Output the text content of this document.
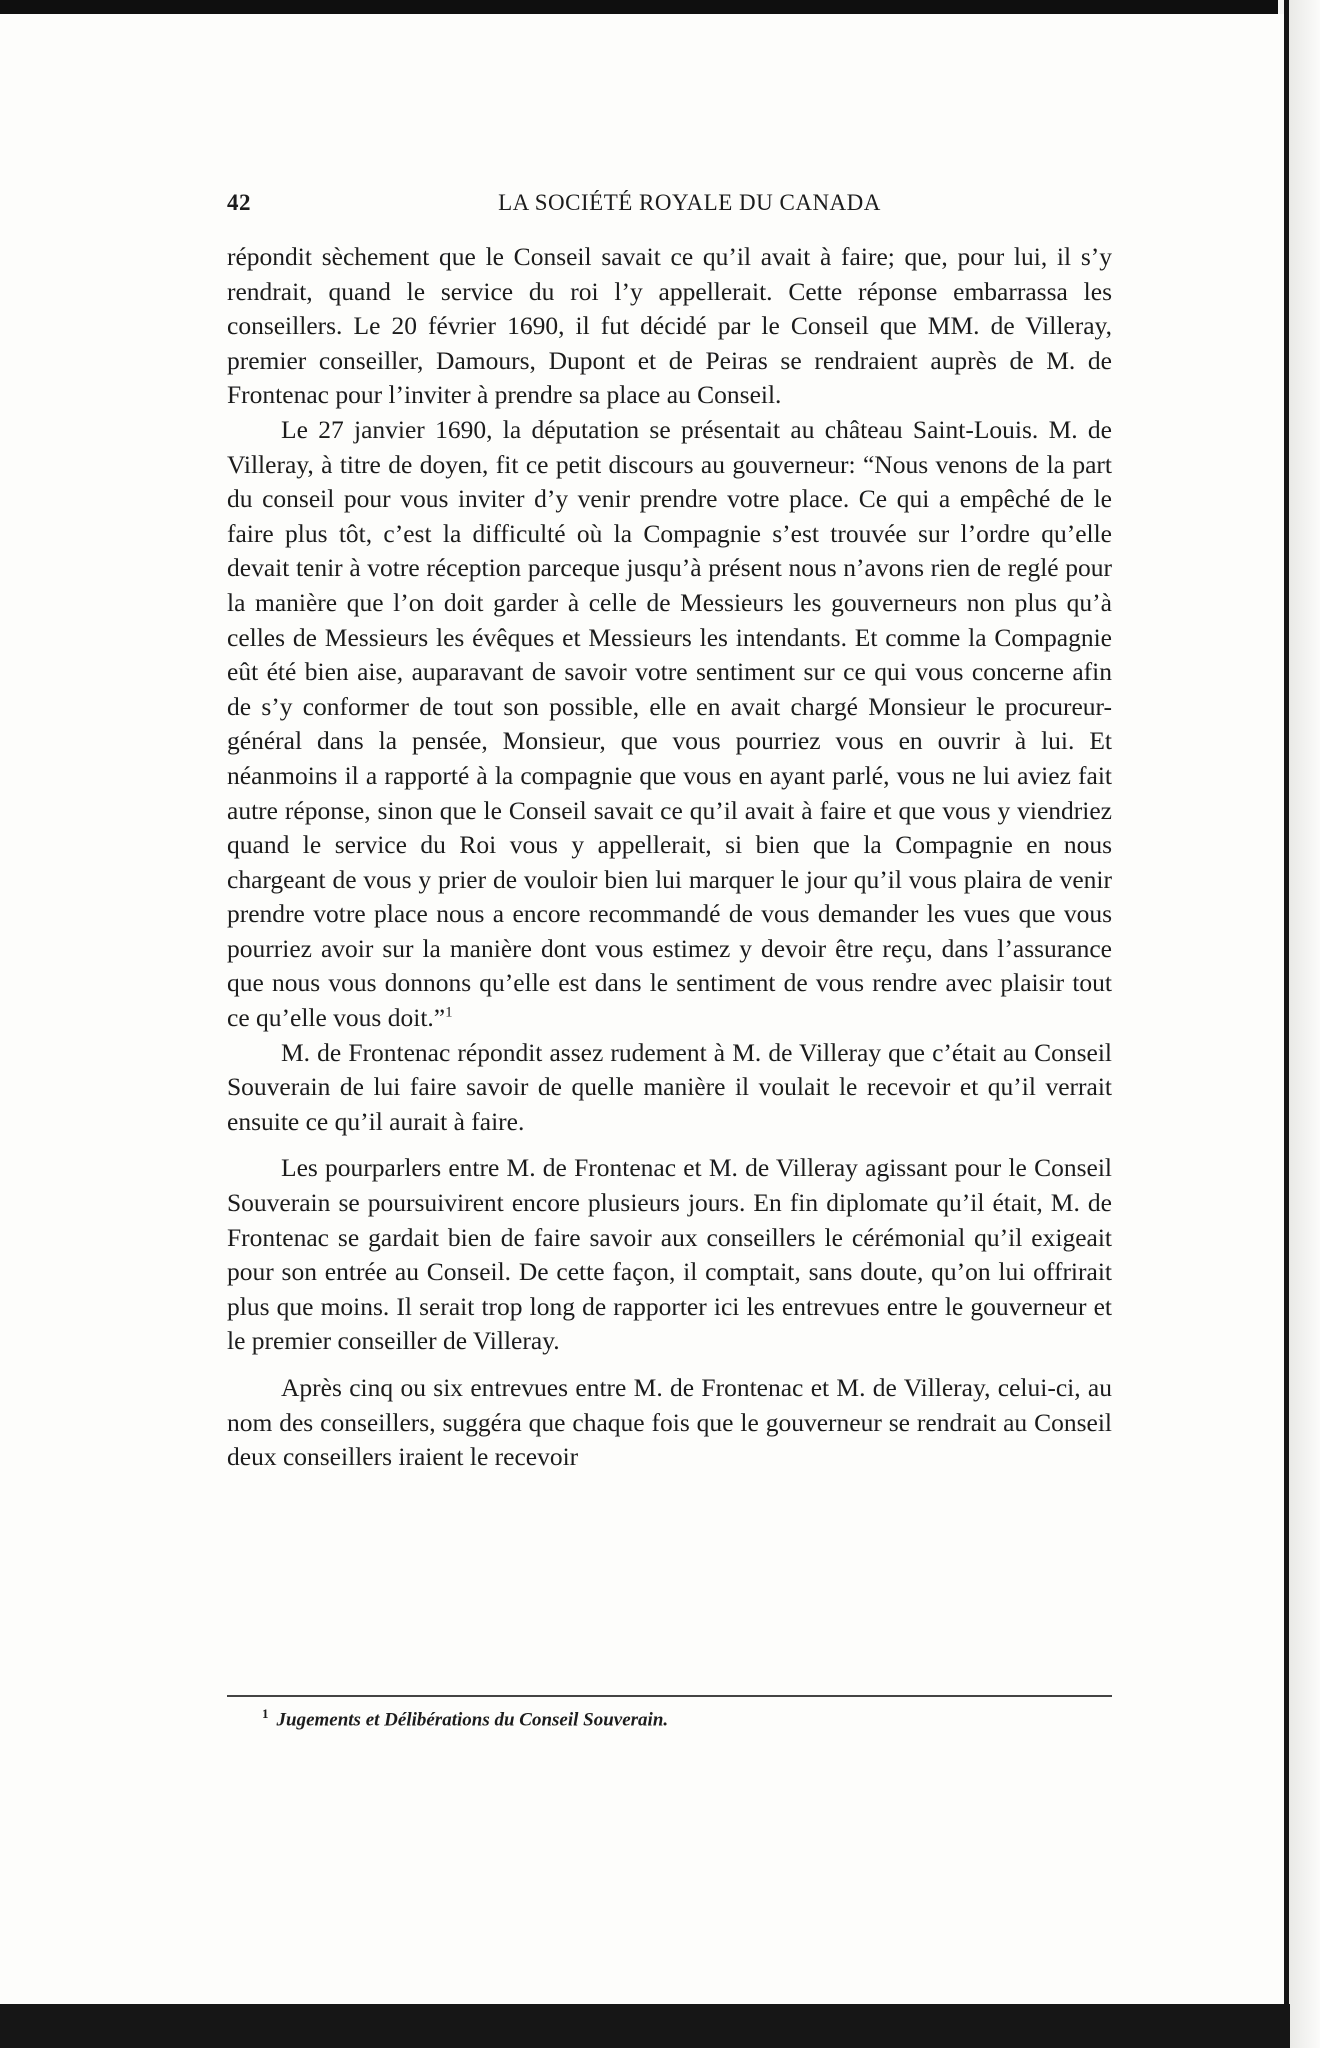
42	LA SOCIÉTÉ ROYALE DU CANADA

répondit sèchement que le Conseil savait ce qu’il avait à faire; que, pour lui, il s’y rendrait, quand le service du roi l’y appellerait. Cette réponse embarrassa les conseillers. Le 20 février 1690, il fut décidé par le Conseil que MM. de Villeray, premier conseiller, Damours, Dupont et de Peiras se rendraient auprès de M. de Frontenac pour l’inviter à prendre sa place au Conseil.

Le 27 janvier 1690, la députation se présentait au château Saint-Louis. M. de Villeray, à titre de doyen, fit ce petit discours au gouverneur: “Nous venons de la part du conseil pour vous inviter d’y venir prendre votre place. Ce qui a empêché de le faire plus tôt, c’est la difficulté où la Compagnie s’est trouvée sur l’ordre qu’elle devait tenir à votre réception parceque jusqu’à présent nous n’avons rien de reglé pour la manière que l’on doit garder à celle de Messieurs les gouverneurs non plus qu’à celles de Messieurs les évêques et Messieurs les intendants. Et comme la Compagnie eût été bien aise, auparavant de savoir votre sentiment sur ce qui vous concerne afin de s’y conformer de tout son possible, elle en avait chargé Monsieur le procureur-général dans la pensée, Monsieur, que vous pourriez vous en ouvrir à lui. Et néanmoins il a rapporté à la compagnie que vous en ayant parlé, vous ne lui aviez fait autre réponse, sinon que le Conseil savait ce qu’il avait à faire et que vous y viendriez quand le service du Roi vous y appellerait, si bien que la Compagnie en nous chargeant de vous y prier de vouloir bien lui marquer le jour qu’il vous plaira de venir prendre votre place nous a encore recommandé de vous demander les vues que vous pourriez avoir sur la manière dont vous estimez y devoir être reçu, dans l’assurance que nous vous donnons qu’elle est dans le sentiment de vous rendre avec plaisir tout ce qu’elle vous doit.”$^1$

M. de Frontenac répondit assez rudement à M. de Villeray que c’était au Conseil Souverain de lui faire savoir de quelle manière il voulait le recevoir et qu’il verrait ensuite ce qu’il aurait à faire.

Les pourparlers entre M. de Frontenac et M. de Villeray agissant pour le Conseil Souverain se poursuivirent encore plusieurs jours. En fin diplomate qu’il était, M. de Frontenac se gardait bien de faire savoir aux conseillers le cérémonial qu’il exigeait pour son entrée au Conseil. De cette façon, il comptait, sans doute, qu’on lui offrirait plus que moins. Il serait trop long de rapporter ici les entrevues entre le gouverneur et le premier conseiller de Villeray.

Après cinq ou six entrevues entre M. de Frontenac et M. de Villeray, celui-ci, au nom des conseillers, suggéra que chaque fois que le gouverneur se rendrait au Conseil deux conseillers iraient le recevoir

$^1$ Jugements et Délibérations du Conseil Souverain.
